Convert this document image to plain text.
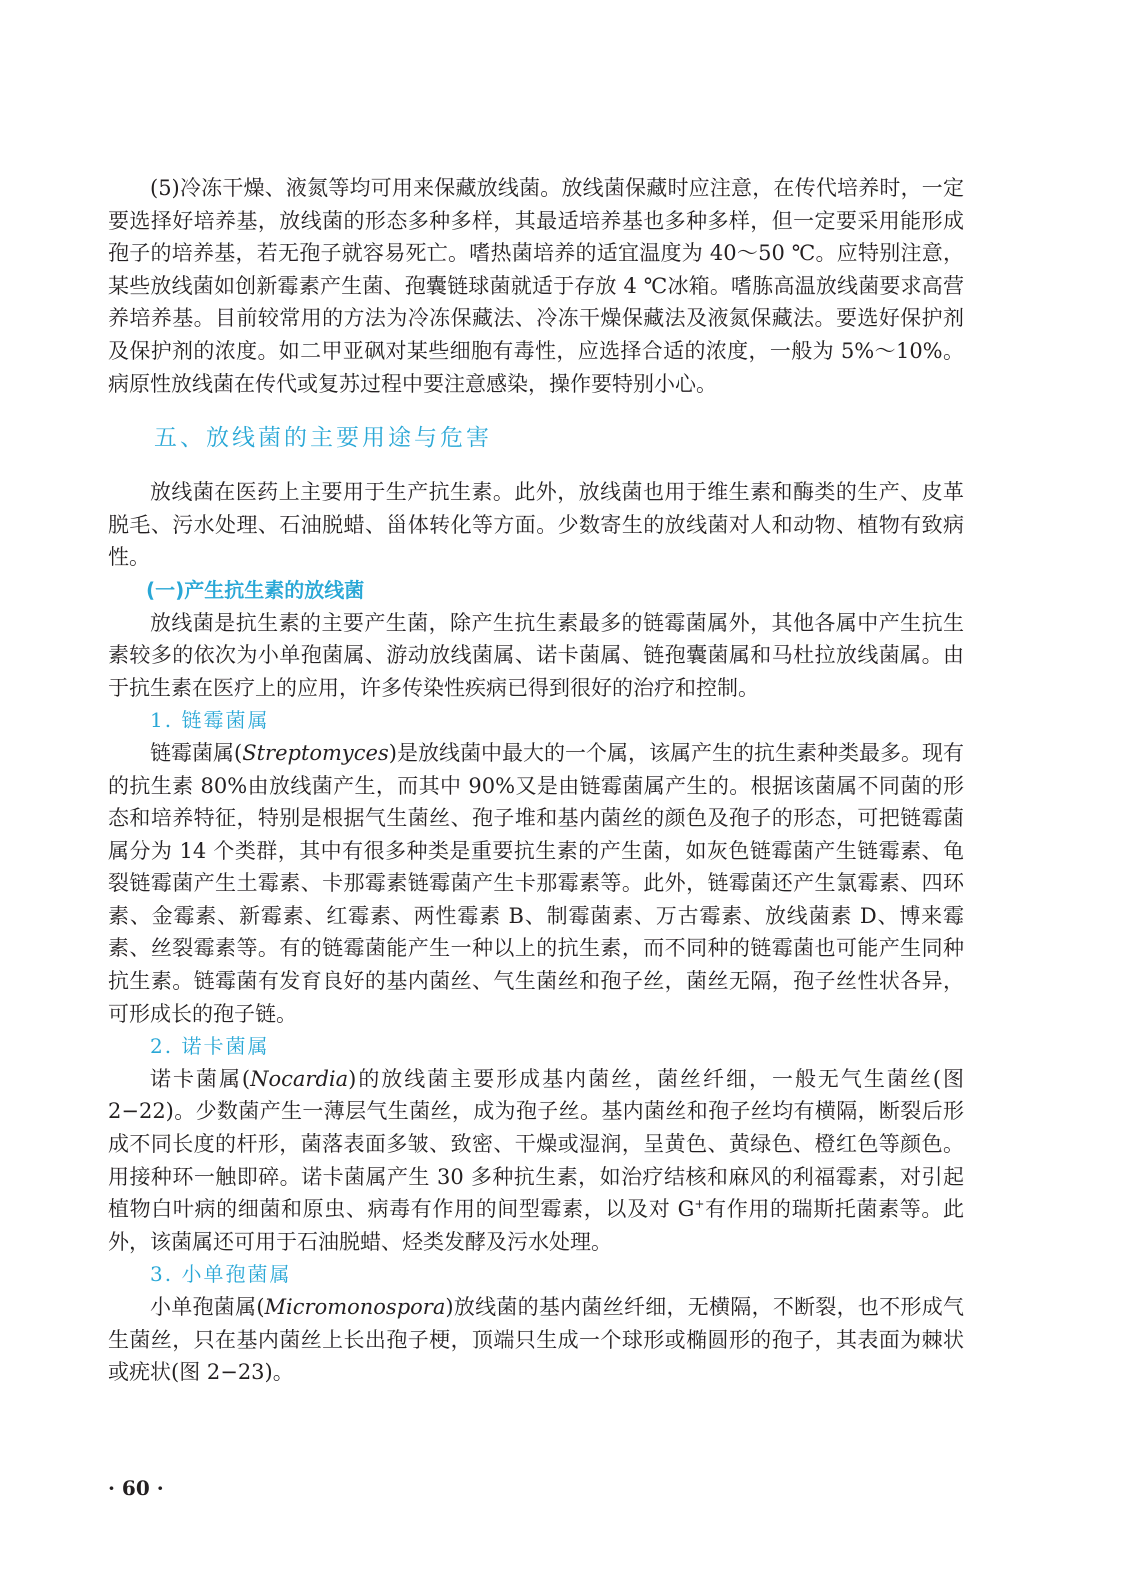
(5)冷冻干燥、液氮等均可用来保藏放线菌。放线菌保藏时应注意，在传代培养时，一定要选择好培养基，放线菌的形态多种多样，其最适培养基也多种多样，但一定要采用能形成孢子的培养基，若无孢子就容易死亡。嗜热菌培养的适宜温度为 40～50 ℃。应特别注意，某些放线菌如创新霉素产生菌、孢囊链球菌就适于存放 4 ℃冰箱。嗜胨高温放线菌要求高营养培养基。目前较常用的方法为冷冻保藏法、冷冻干燥保藏法及液氮保藏法。要选好保护剂及保护剂的浓度。如二甲亚砜对某些细胞有毒性，应选择合适的浓度，一般为 5%～10%。病原性放线菌在传代或复苏过程中要注意感染，操作要特别小心。

五、放线菌的主要用途与危害

放线菌在医药上主要用于生产抗生素。此外，放线菌也用于维生素和酶类的生产、皮革脱毛、污水处理、石油脱蜡、甾体转化等方面。少数寄生的放线菌对人和动物、植物有致病性。

(一)产生抗生素的放线菌

放线菌是抗生素的主要产生菌，除产生抗生素最多的链霉菌属外，其他各属中产生抗生素较多的依次为小单孢菌属、游动放线菌属、诺卡菌属、链孢囊菌属和马杜拉放线菌属。由于抗生素在医疗上的应用，许多传染性疾病已得到很好的治疗和控制。

1. 链霉菌属

链霉菌属(Streptomyces)是放线菌中最大的一个属，该属产生的抗生素种类最多。现有的抗生素 80%由放线菌产生，而其中 90%又是由链霉菌属产生的。根据该菌属不同菌的形态和培养特征，特别是根据气生菌丝、孢子堆和基内菌丝的颜色及孢子的形态，可把链霉菌属分为 14 个类群，其中有很多种类是重要抗生素的产生菌，如灰色链霉菌产生链霉素、龟裂链霉菌产生土霉素、卡那霉素链霉菌产生卡那霉素等。此外，链霉菌还产生氯霉素、四环素、金霉素、新霉素、红霉素、两性霉素 B、制霉菌素、万古霉素、放线菌素 D、博来霉素、丝裂霉素等。有的链霉菌能产生一种以上的抗生素，而不同种的链霉菌也可能产生同种抗生素。链霉菌有发育良好的基内菌丝、气生菌丝和孢子丝，菌丝无隔，孢子丝性状各异，可形成长的孢子链。

2. 诺卡菌属

诺卡菌属(Nocardia)的放线菌主要形成基内菌丝，菌丝纤细，一般无气生菌丝(图 2−22)。少数菌产生一薄层气生菌丝，成为孢子丝。基内菌丝和孢子丝均有横隔，断裂后形成不同长度的杆形，菌落表面多皱、致密、干燥或湿润，呈黄色、黄绿色、橙红色等颜色。用接种环一触即碎。诺卡菌属产生 30 多种抗生素，如治疗结核和麻风的利福霉素，对引起植物白叶病的细菌和原虫、病毒有作用的间型霉素，以及对 G+有作用的瑞斯托菌素等。此外，该菌属还可用于石油脱蜡、烃类发酵及污水处理。

3. 小单孢菌属

小单孢菌属(Micromonospora)放线菌的基内菌丝纤细，无横隔，不断裂，也不形成气生菌丝，只在基内菌丝上长出孢子梗，顶端只生成一个球形或椭圆形的孢子，其表面为棘状或疣状(图 2−23)。

· 60 ·
